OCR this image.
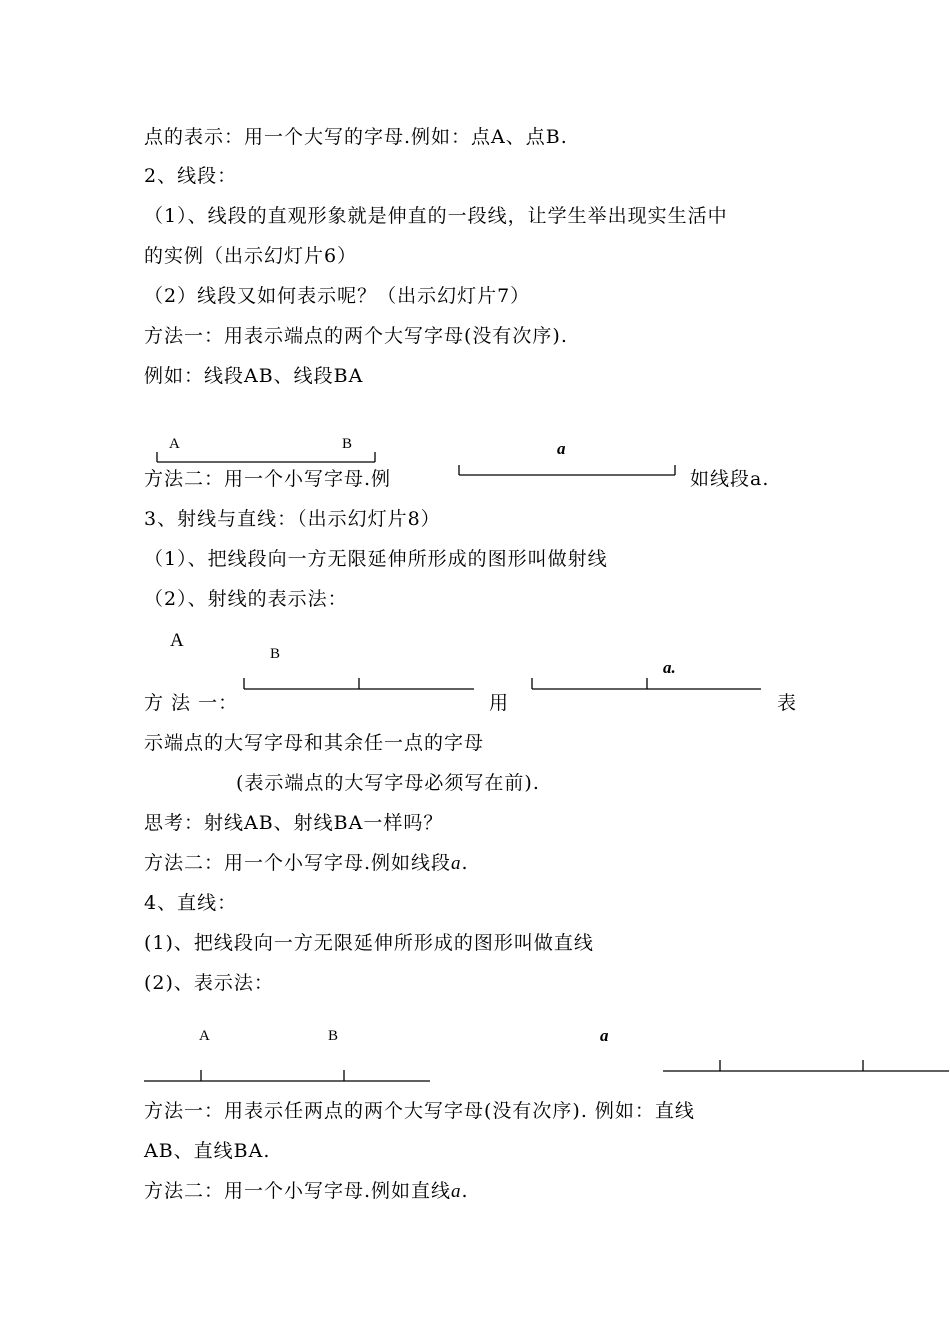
点的表示：用一个大写的字母.例如：点A、点B.
2、线段：
（1）、线段的直观形象就是伸直的一段线，让学生举出现实生活中
的实例（出示幻灯片6）
（2）线段又如何表示呢？（出示幻灯片7）
方法一：用表示端点的两个大写字母(没有次序).
例如：线段AB、线段BA
方法二：用一个小写字母.例	如线段a.
3、射线与直线：（出示幻灯片8）
（1）、把线段向一方无限延伸所形成的图形叫做射线
（2）、射线的表示法：
方 法 一：	用	表
示端点的大写字母和其余任一点的字母
(表示端点的大写字母必须写在前).
思考：射线AB、射线BA一样吗？
方法二：用一个小写字母.例如线段a.
4、直线：
(1)、把线段向一方无限延伸所形成的图形叫做直线
(2)、表示法：
方法一：用表示任两点的两个大写字母(没有次序). 例如：直线
AB、直线BA.
方法二：用一个小写字母.例如直线a.
A	B	a
A
B
a.
A	B	a
